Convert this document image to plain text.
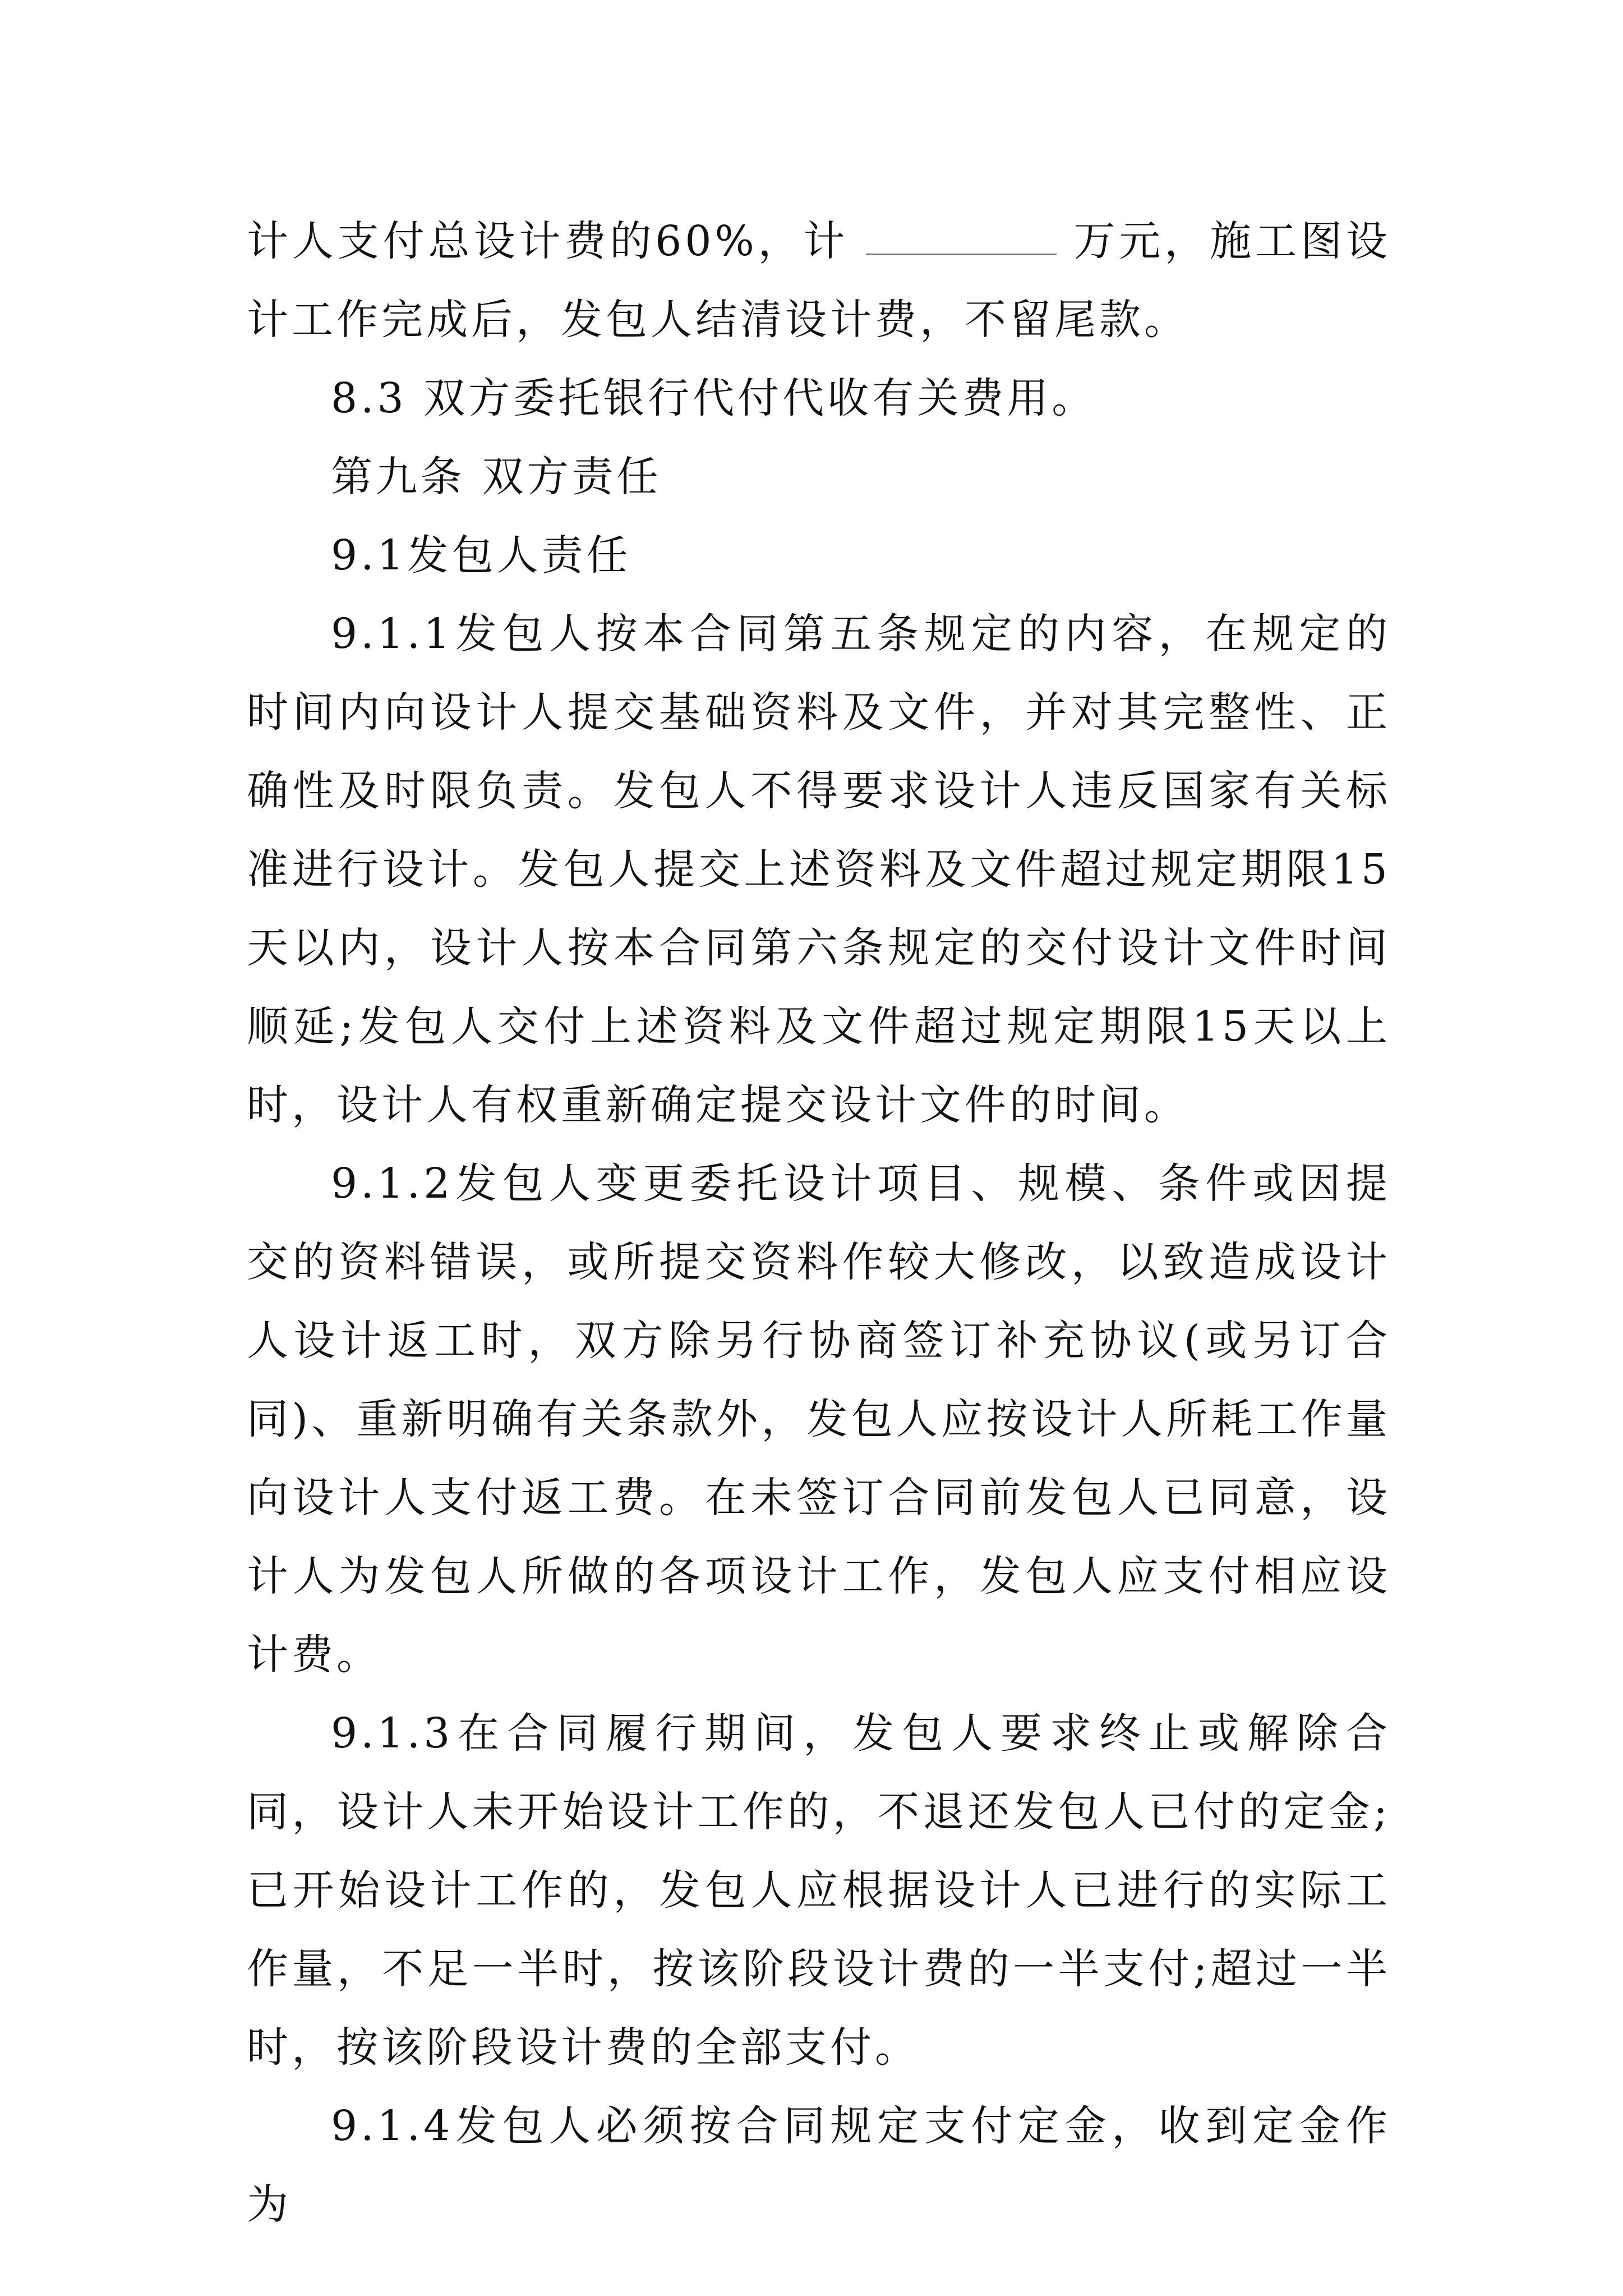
计人支付总设计费的60%，计	万元，施工图设计工作完成后，发包人结清设计费，不留尾款。

8.3 双方委托银行代付代收有关费用。

第九条 双方责任

9.1发包人责任

9.1.1发包人按本合同第五条规定的内容，在规定的时间内向设计人提交基础资料及文件，并对其完整性、正确性及时限负责。发包人不得要求设计人违反国家有关标准进行设计。发包人提交上述资料及文件超过规定期限15天以内，设计人按本合同第六条规定的交付设计文件时间顺延;发包人交付上述资料及文件超过规定期限15天以上时，设计人有权重新确定提交设计文件的时间。

9.1.2发包人变更委托设计项目、规模、条件或因提交的资料错误，或所提交资料作较大修改，以致造成设计人设计返工时，双方除另行协商签订补充协议(或另订合同)、重新明确有关条款外，发包人应按设计人所耗工作量向设计人支付返工费。在未签订合同前发包人已同意，设计人为发包人所做的各项设计工作，发包人应支付相应设计费。

9.1.3在合同履行期间，发包人要求终止或解除合同，设计人未开始设计工作的，不退还发包人已付的定金;已开始设计工作的，发包人应根据设计人已进行的实际工作量，不足一半时，按该阶段设计费的一半支付;超过一半时，按该阶段设计费的全部支付。

9.1.4发包人必须按合同规定支付定金，收到定金作为
